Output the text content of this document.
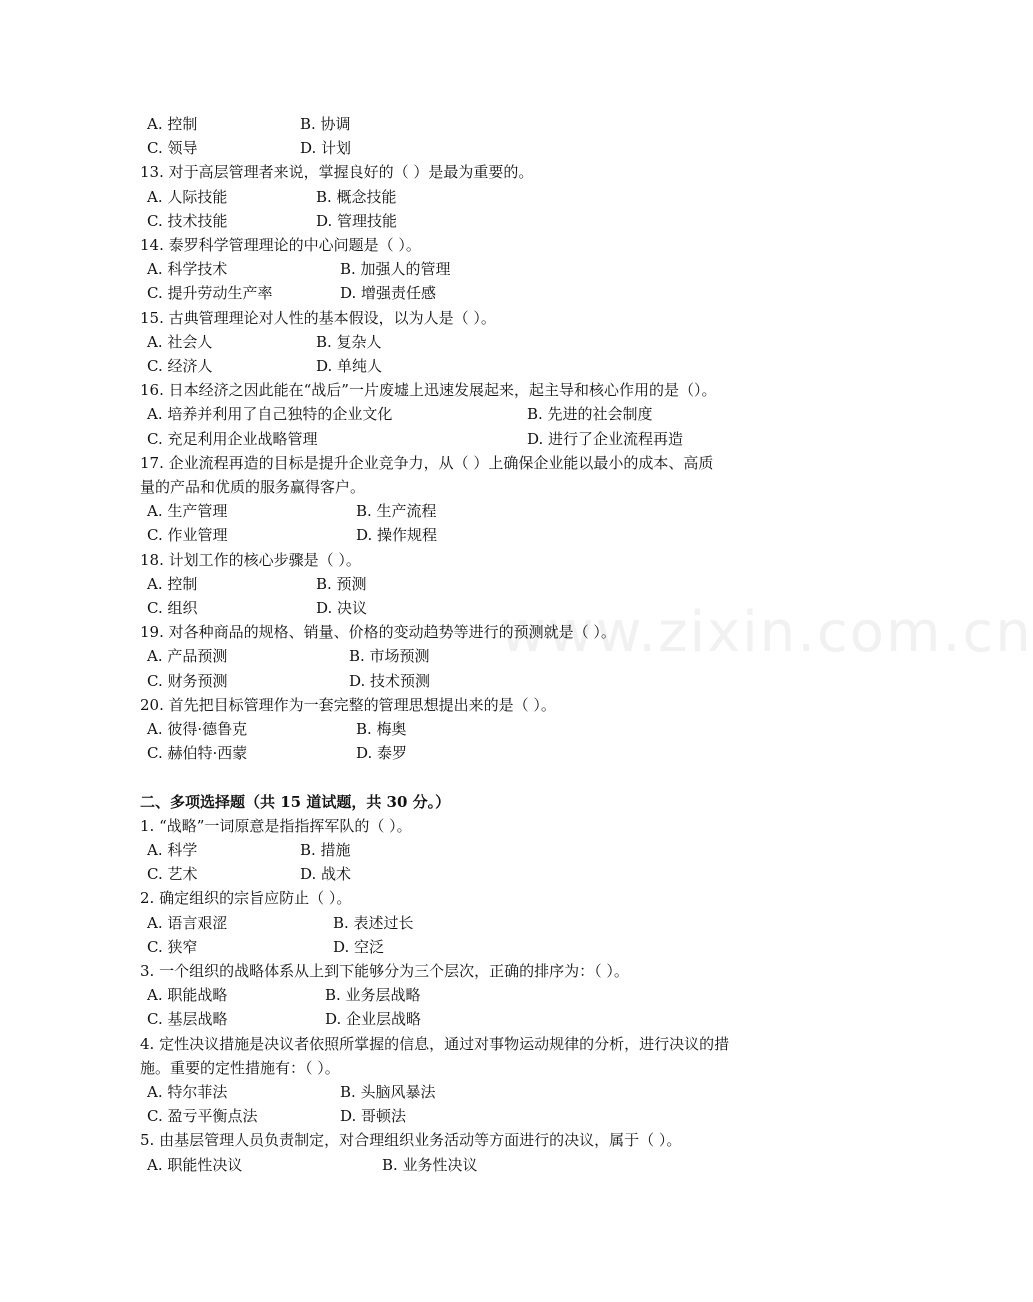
www.zixin.com.cn
A. 控制	B. 协调
C. 领导	D. 计划
13. 对于高层管理者来说，掌握良好的（ ）是最为重要的。
A. 人际技能	B. 概念技能
C. 技术技能	D. 管理技能
14. 泰罗科学管理理论的中心问题是（ ）。
A. 科学技术	B. 加强人的管理
C. 提升劳动生产率	D. 增强责任感
15. 古典管理理论对人性的基本假设，以为人是（ ）。
A. 社会人	B. 复杂人
C. 经济人	D. 单纯人
16. 日本经济之因此能在“战后”一片废墟上迅速发展起来，起主导和核心作用的是（）。
A. 培养并利用了自己独特的企业文化	B. 先进的社会制度
C. 充足利用企业战略管理	D. 进行了企业流程再造
17. 企业流程再造的目标是提升企业竞争力，从（ ）上确保企业能以最小的成本、高质
量的产品和优质的服务赢得客户。
A. 生产管理	B. 生产流程
C. 作业管理	D. 操作规程
18. 计划工作的核心步骤是（ ）。
A. 控制	B. 预测
C. 组织	D. 决议
19. 对各种商品的规格、销量、价格的变动趋势等进行的预测就是（ ）。
A. 产品预测	B. 市场预测
C. 财务预测	D. 技术预测
20. 首先把目标管理作为一套完整的管理思想提出来的是（ ）。
A. 彼得·德鲁克	B. 梅奥
C. 赫伯特·西蒙	D. 泰罗
二、多项选择题（共 15 道试题，共 30 分。）
1. “战略”一词原意是指指挥军队的（ ）。
A. 科学	B. 措施
C. 艺术	D. 战术
2. 确定组织的宗旨应防止（ ）。
A. 语言艰涩	B. 表述过长
C. 狭窄	D. 空泛
3. 一个组织的战略体系从上到下能够分为三个层次，正确的排序为：（ ）。
A. 职能战略	B. 业务层战略
C. 基层战略	D. 企业层战略
4. 定性决议措施是决议者依照所掌握的信息，通过对事物运动规律的分析，进行决议的措
施。重要的定性措施有：（ ）。
A. 特尔菲法	B. 头脑风暴法
C. 盈亏平衡点法	D. 哥顿法
5. 由基层管理人员负责制定，对合理组织业务活动等方面进行的决议，属于（ ）。
A. 职能性决议	B. 业务性决议
